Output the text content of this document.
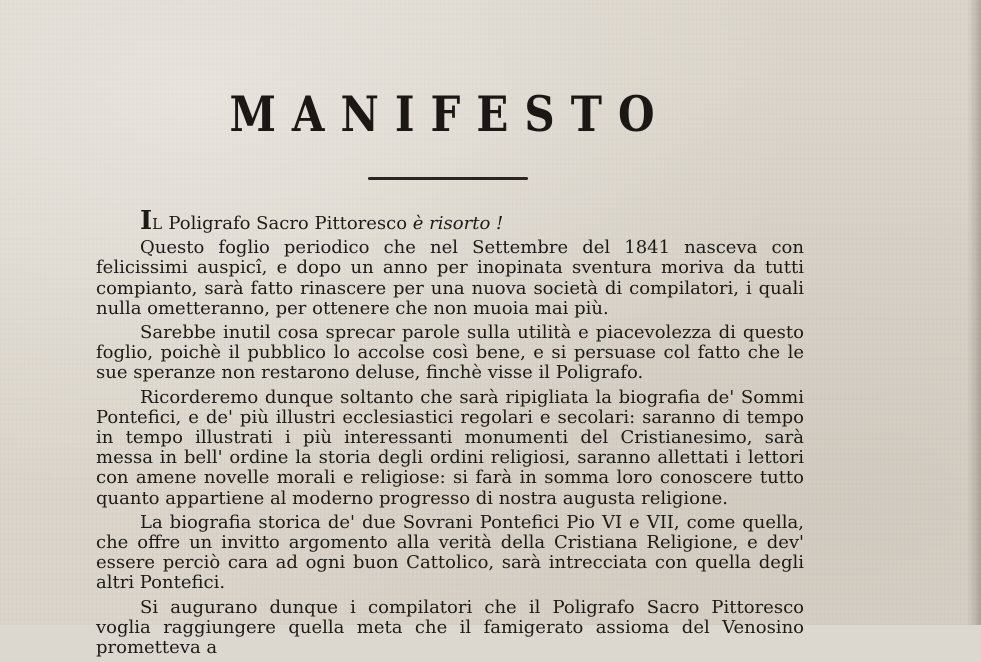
MANIFESTO

IL Poligrafo Sacro Pittoresco è risorto !

Questo foglio periodico che nel Settembre del 1841 nasceva con felicissimi auspicî, e dopo un anno per inopinata sventura moriva da tutti compianto, sarà fatto rinascere per una nuova società di compilatori, i quali nulla ometteranno, per ottenere che non muoia mai più.

Sarebbe inutil cosa sprecar parole sulla utilità e piacevolezza di questo foglio, poichè il pubblico lo accolse così bene, e si persuase col fatto che le sue speranze non restarono deluse, finchè visse il Poligrafo.

Ricorderemo dunque soltanto che sarà ripigliata la biografia de' Sommi Pontefici, e de' più illustri ecclesiastici regolari e secolari: saranno di tempo in tempo illustrati i più interessanti monumenti del Cristianesimo, sarà messa in bell' ordine la storia degli ordini religiosi, saranno allettati i lettori con amene novelle morali e religiose: si farà in somma loro conoscere tutto quanto appartiene al moderno progresso di nostra augusta religione.

La biografia storica de' due Sovrani Pontefici Pio VI e VII, come quella, che offre un invitto argomento alla verità della Cristiana Religione, e dev' essere perciò cara ad ogni buon Cattolico, sarà intrecciata con quella degli altri Pontefici.

Si augurano dunque i compilatori che il Poligrafo Sacro Pittoresco voglia raggiungere quella meta che il famigerato assioma del Venosino prometteva a
